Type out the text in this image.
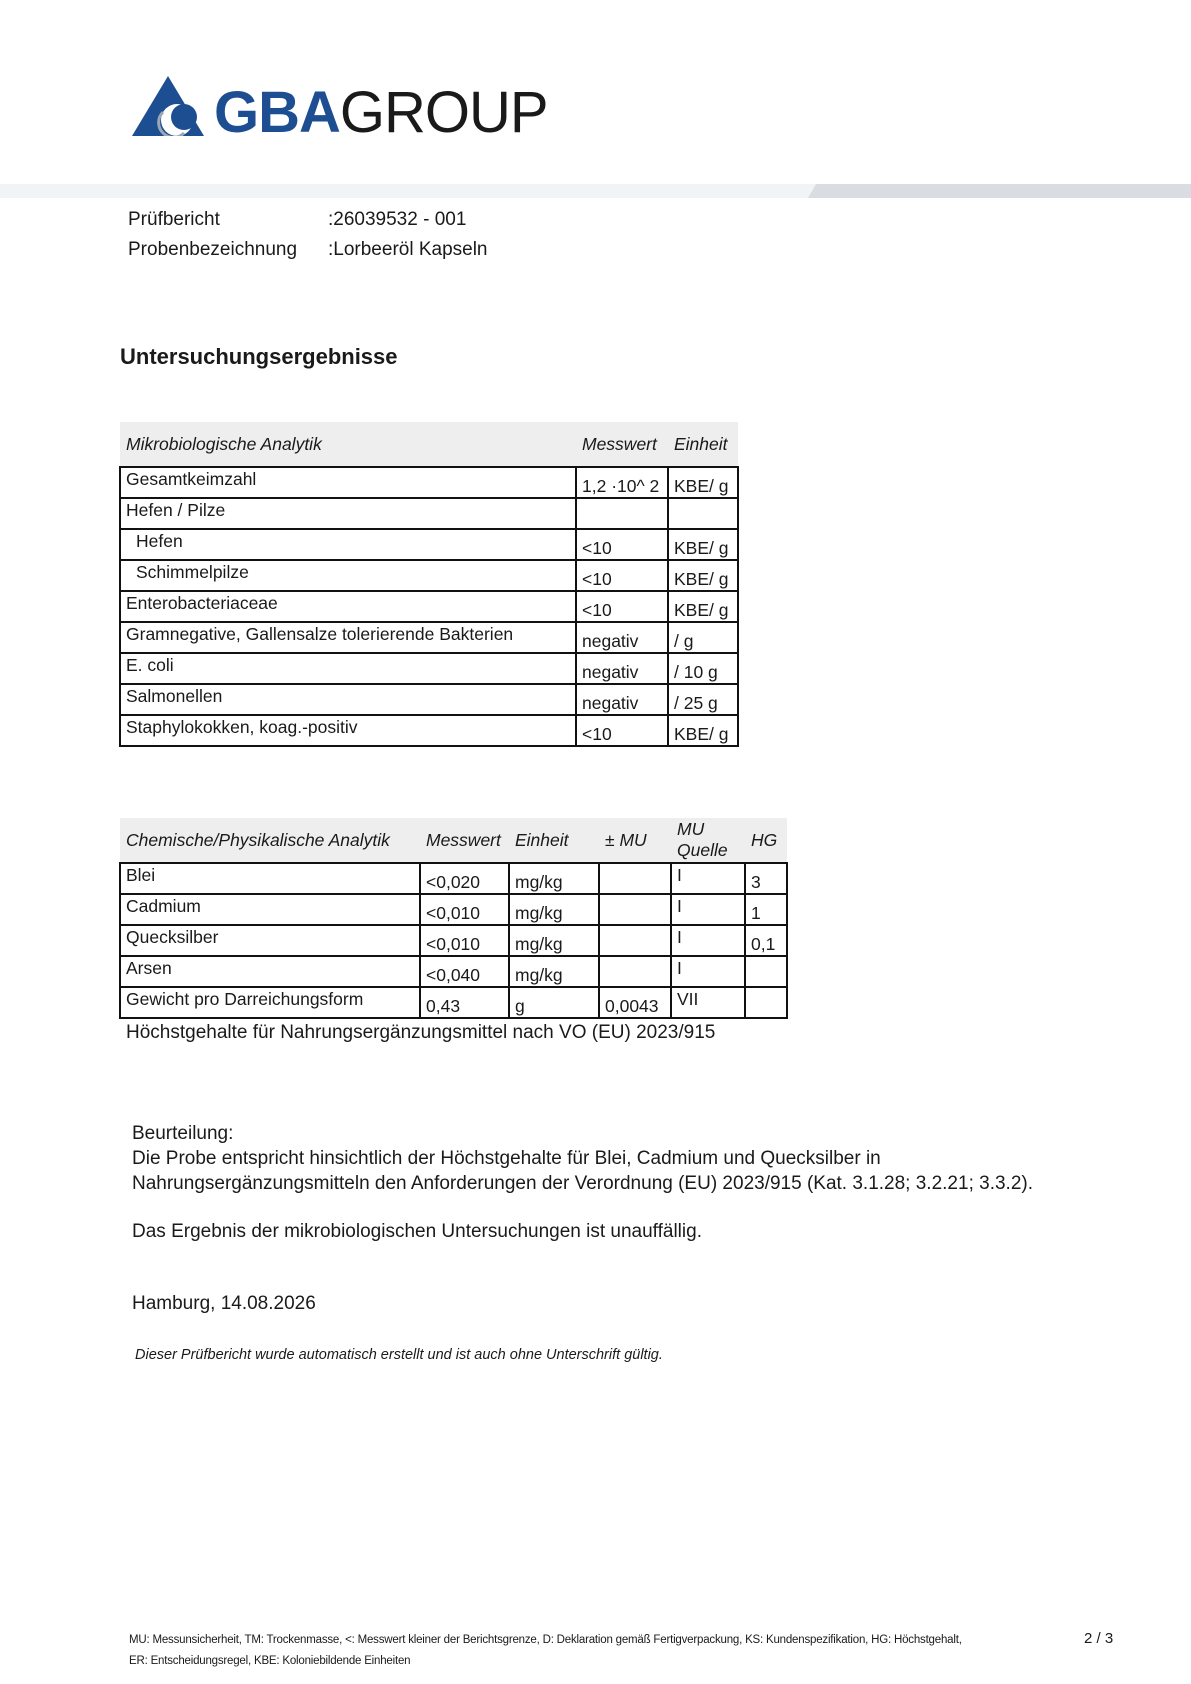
GBAGROUP
Prüfbericht	:26039532 - 001
Probenbezeichnung :Lorbeeröl Kapseln
Untersuchungsergebnisse
Mikrobiologische Analytik	Messwert	Einheit
Gesamtkeimzahl	1,2 ·10^ 2	KBE/ g
Hefen / Pilze		
Hefen	<10	KBE/ g
Schimmelpilze	<10	KBE/ g
Enterobacteriaceae	<10	KBE/ g
Gramnegative, Gallensalze tolerierende Bakterien	negativ	/ g
E. coli	negativ	/ 10 g
Salmonellen	negativ	/ 25 g
Staphylokokken, koag.-positiv	<10	KBE/ g
Chemische/Physikalische Analytik	Messwert	Einheit	± MU	MU Quelle	HG
Blei	<0,020	mg/kg		I	3
Cadmium	<0,010	mg/kg		I	1
Quecksilber	<0,010	mg/kg		I	0,1
Arsen	<0,040	mg/kg		I	
Gewicht pro Darreichungsform	0,43	g	0,0043	VII	
Höchstgehalte für Nahrungsergänzungsmittel nach VO (EU) 2023/915

Beurteilung:

Die Probe entspricht hinsichtlich der Höchstgehalte für Blei, Cadmium und Quecksilber in

Nahrungsergänzungsmitteln den Anforderungen der Verordnung (EU) 2023/915 (Kat. 3.1.28; 3.2.21; 3.3.2).

Das Ergebnis der mikrobiologischen Untersuchungen ist unauffällig.

Hamburg, 14.08.2026
Dieser Prüfbericht wurde automatisch erstellt und ist auch ohne Unterschrift gültig.
MU: Messunsicherheit, TM: Trockenmasse, <: Messwert kleiner der Berichtsgrenze, D: Deklaration gemäß Fertigverpackung, KS: Kundenspezifikation, HG: Höchstgehalt,
ER: Entscheidungsregel, KBE: Koloniebildende Einheiten
2 / 3
